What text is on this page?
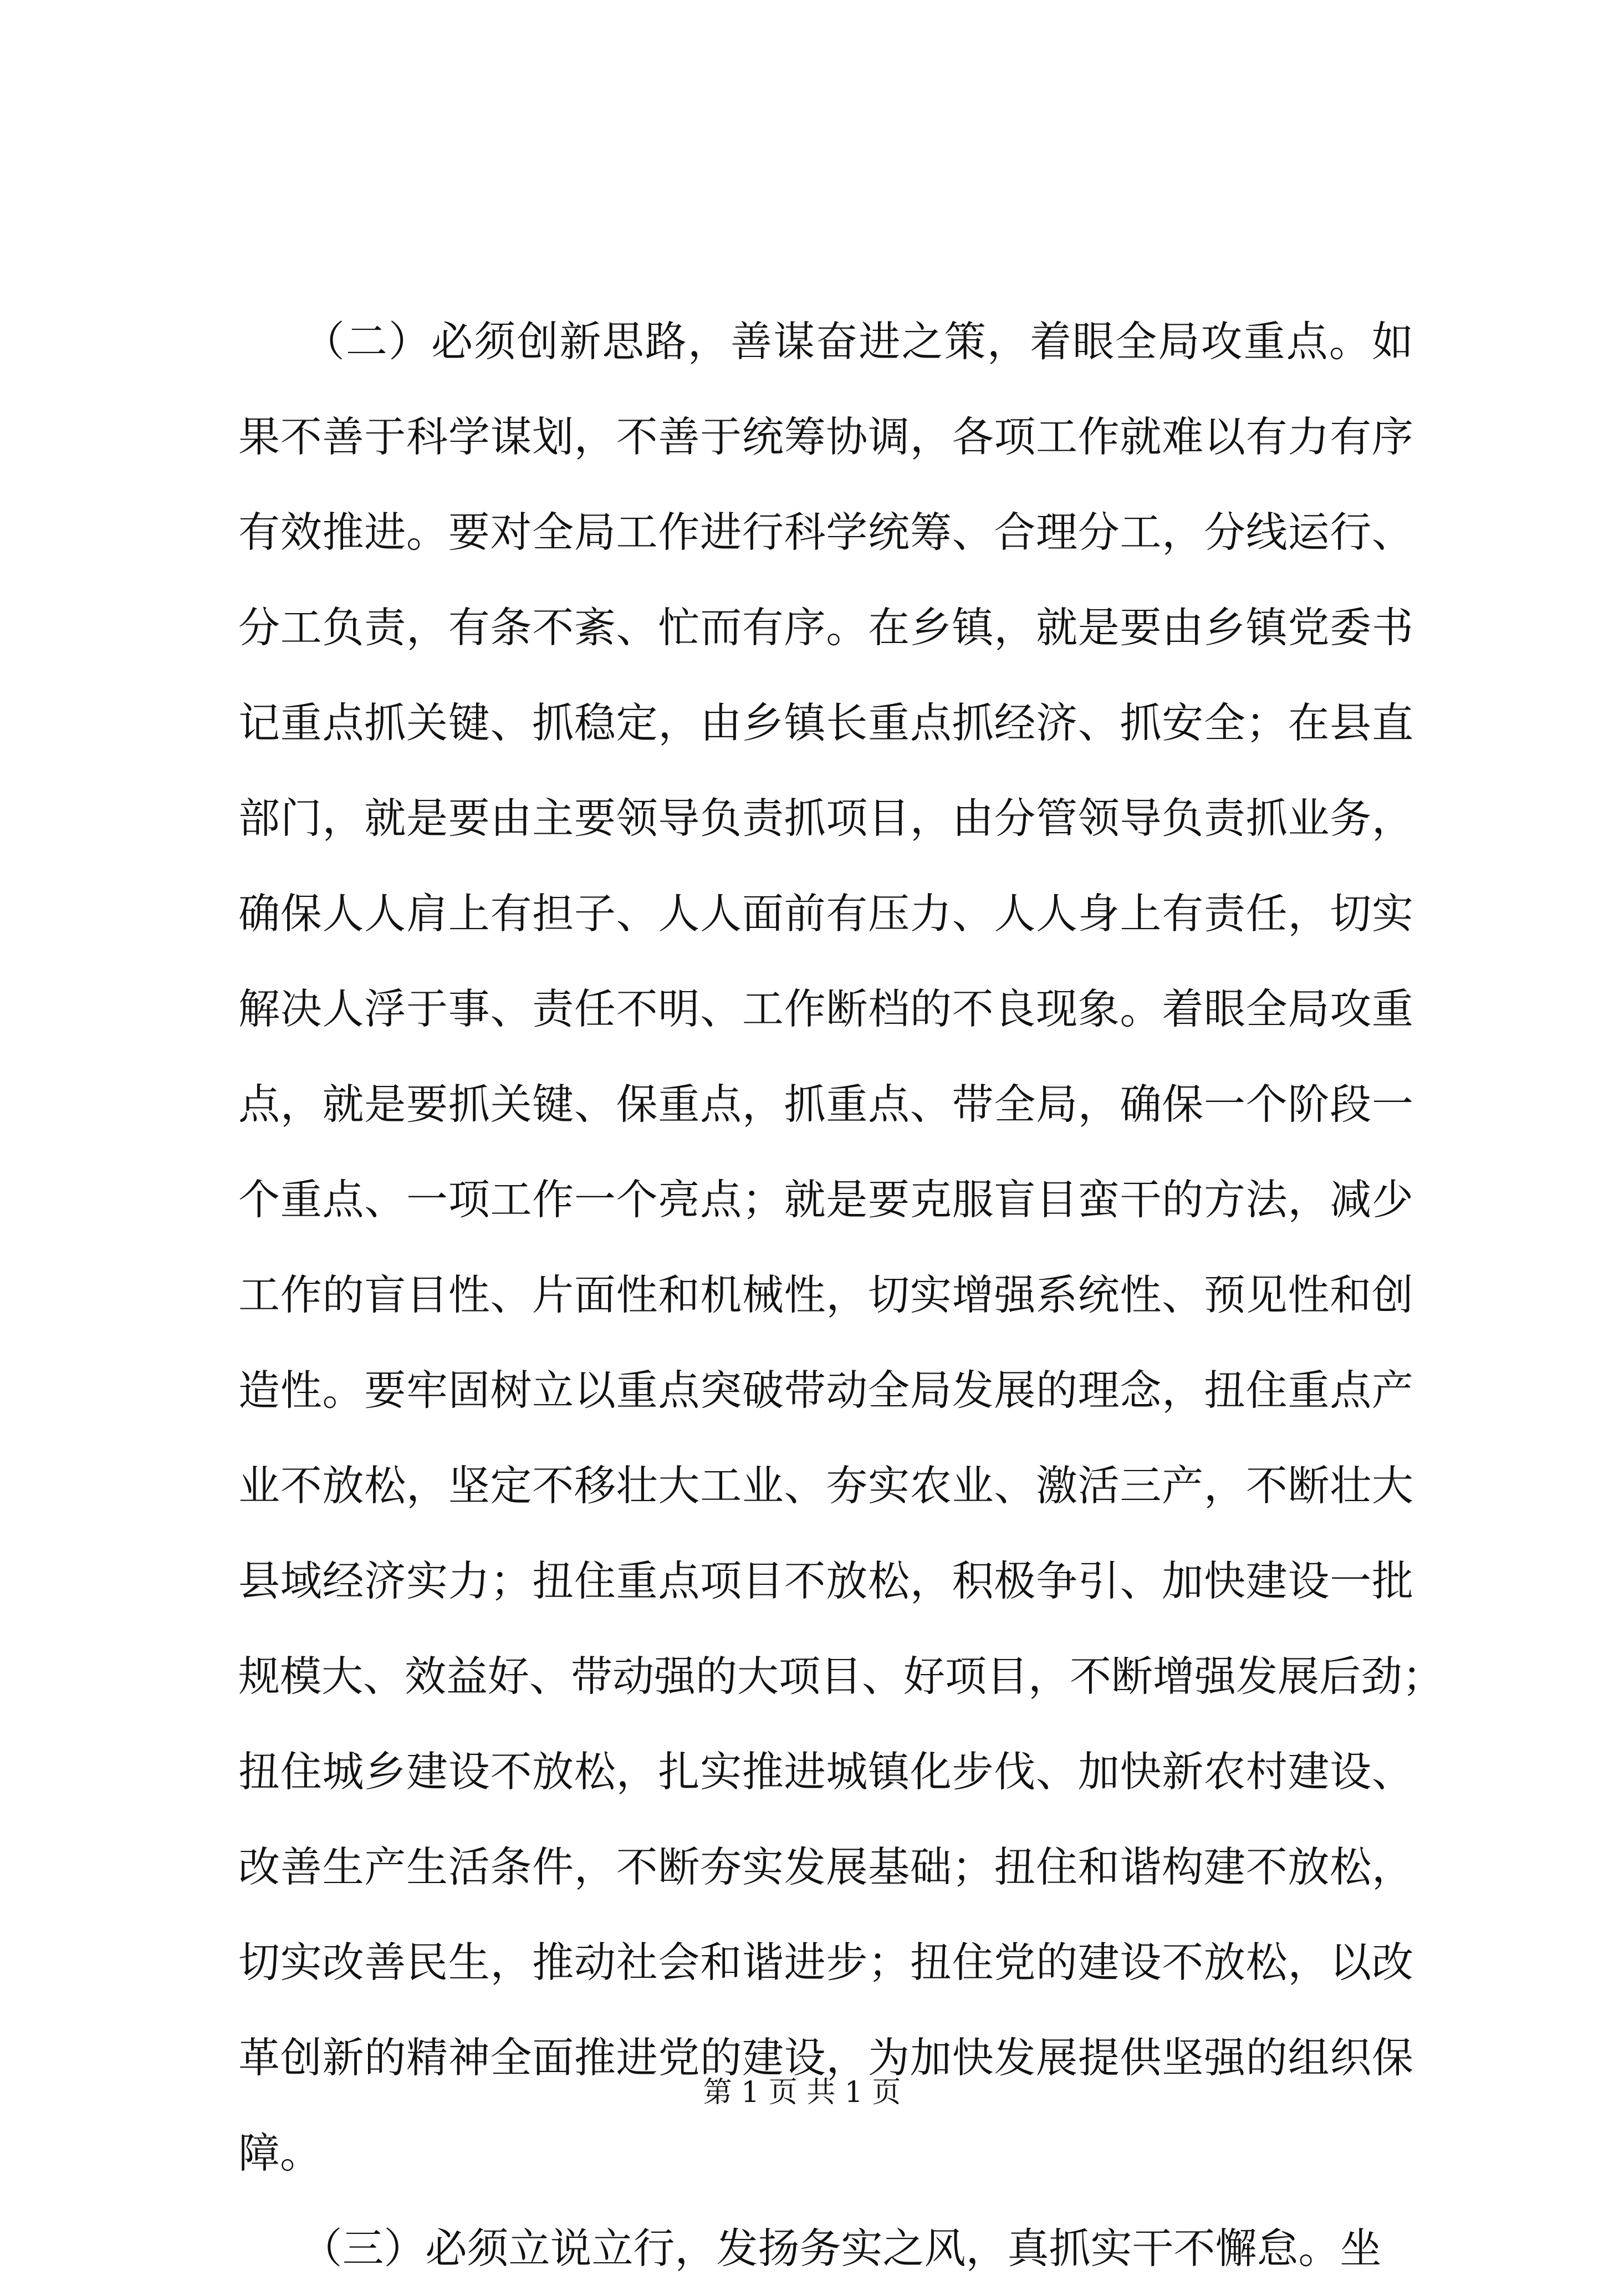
　　（二）必须创新思路，善谋奋进之策，着眼全局攻重点。如
果不善于科学谋划，不善于统筹协调，各项工作就难以有力有序
有效推进。要对全局工作进行科学统筹、合理分工，分线运行、
分工负责，有条不紊、忙而有序。在乡镇，就是要由乡镇党委书
记重点抓关键、抓稳定，由乡镇长重点抓经济、抓安全；在县直
部门，就是要由主要领导负责抓项目，由分管领导负责抓业务，
确保人人肩上有担子、人人面前有压力、人人身上有责任，切实
解决人浮于事、责任不明、工作断档的不良现象。着眼全局攻重
点，就是要抓关键、保重点，抓重点、带全局，确保一个阶段一
个重点、一项工作一个亮点；就是要克服盲目蛮干的方法，减少
工作的盲目性、片面性和机械性，切实增强系统性、预见性和创
造性。要牢固树立以重点突破带动全局发展的理念，扭住重点产
业不放松，坚定不移壮大工业、夯实农业、激活三产，不断壮大
县域经济实力；扭住重点项目不放松，积极争引、加快建设一批
规模大、效益好、带动强的大项目、好项目，不断增强发展后劲；
扭住城乡建设不放松，扎实推进城镇化步伐、加快新农村建设、
改善生产生活条件，不断夯实发展基础；扭住和谐构建不放松，
切实改善民生，推动社会和谐进步；扭住党的建设不放松，以改
革创新的精神全面推进党的建设，为加快发展提供坚强的组织保
障。
　　（三）必须立说立行，发扬务实之风，真抓实干不懈怠。坐
第 1 页 共 1 页
